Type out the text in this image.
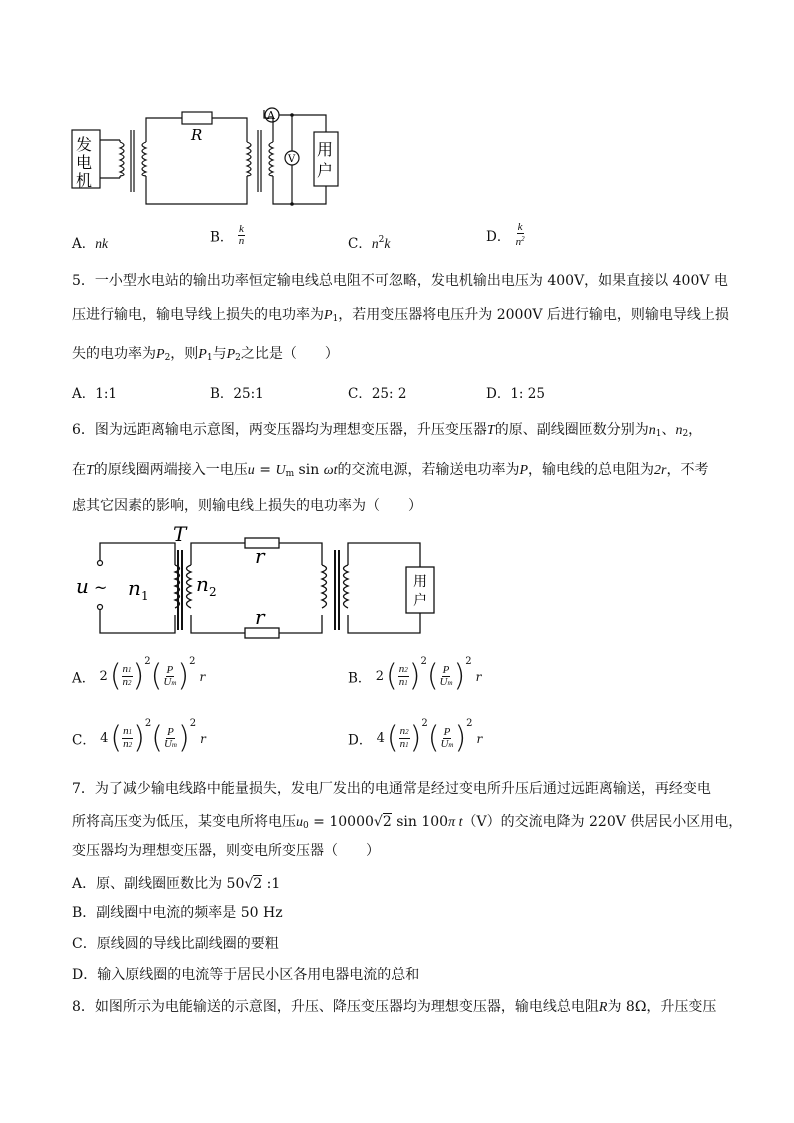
发
电
机
R
A
V
用
户
A．nk	B． $\frac{k}{n}$	C．$n^2k$	D． $\frac{k}{n^2}$
5．一小型水电站的输出功率恒定输电线总电阻不可忽略，发电机输出电压为 400V，如果直接以 400V 电
压进行输电，输电导线上损失的电功率为$P_1$，若用变压器将电压升为 2000V 后进行输电，则输电导线上损
失的电功率为$P_2$，则$P_1$与$P_2$之比是（　　）
A．1:1	B．25:1	C．25: 2	D．1: 25
6．图为远距离输电示意图，两变压器均为理想变压器，升压变压器T的原、副线圈匝数分别为$n_1$、$n_2$，
在T的原线圈两端接入一电压$u = U_m$ sin ωt的交流电源，若输送电功率为P，输电线的总电阻为2r，不考
虑其它因素的影响，则输电线上损失的电功率为（　　）
u ~ n 1
T
n 2
r
r
用
户
A． $2( \frac{n1}{n2} )^2( \frac{P}{Um} )^2r$	B． $2( \frac{n2}{n1} )^2( \frac{P}{Um} )^2r$
C． $4( \frac{n1}{n2} )^2( \frac{P}{Um} )^2r$	D． $4( \frac{n2}{n1} )^2( \frac{P}{Um} )^2r$
7．为了减少输电线路中能量损失，发电厂发出的电通常是经过变电所升压后通过远距离输送，再经变电
所将高压变为低压，某变电所将电压$u_0 = 10000√2$ sin 100π t（V）的交流电降为 220V 供居民小区用电，
变压器均为理想变压器，则变电所变压器（　　）
A．原、副线圈匝数比为 50√2 :1
B．副线圈中电流的频率是 50 Hz
C．原线圆的导线比副线圈的要粗
D．输入原线圈的电流等于居民小区各用电器电流的总和
8．如图所示为电能输送的示意图，升压、降压变压器均为理想变压器，输电线总电阻R为 8Ω，升压变压
